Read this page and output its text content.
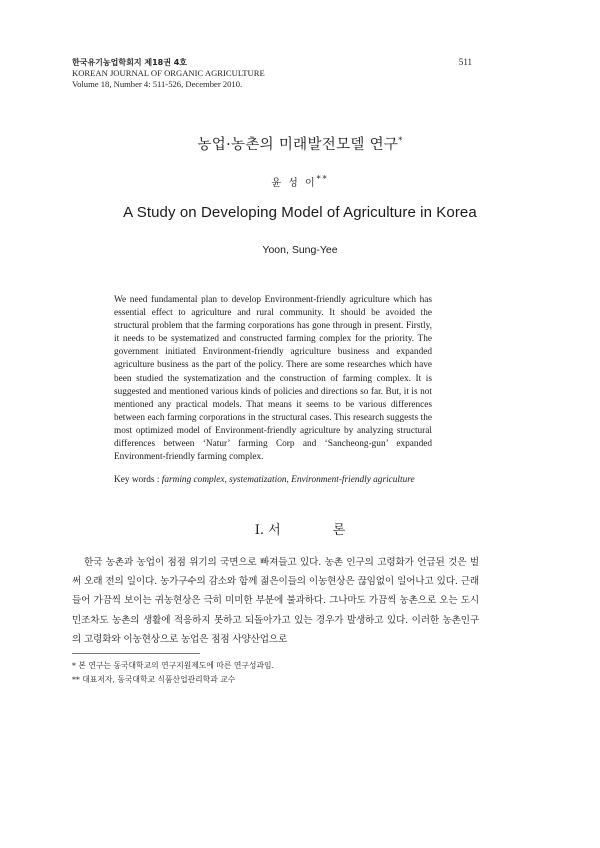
한국유기농업학회지 제18권 4호
KOREAN JOURNAL OF ORGANIC AGRICULTURE
Volume 18, Number 4: 511-526, December 2010.
511
농업·농촌의 미래발전모델 연구*
윤 성 이**
A Study on Developing Model of Agriculture in Korea
Yoon, Sung-Yee
We need fundamental plan to develop Environment-friendly agriculture which has essential effect to agriculture and rural community. It should be avoided the structural problem that the farming corporations has gone through in present. Firstly, it needs to be systematized and constructed farming complex for the priority. The government initiated Environment-friendly agriculture business and expanded agriculture business as the part of the policy. There are some researches which have been studied the systematization and the construction of farming complex. It is suggested and mentioned various kinds of policies and directions so far. But, it is not mentioned any practical models. That means it seems to be various differences between each farming corporations in the structural cases. This research suggests the most optimized model of Environment-friendly agriculture by analyzing structural differences between ‘Natur’ farming Corp and ‘Sancheong-gun’ expanded Environment-friendly farming complex.
Key words : farming complex, systematization, Environment-friendly agriculture
Ⅰ. 서	론

한국 농촌과 농업이 점점 위기의 국면으로 빠져들고 있다. 농촌 인구의 고령화가 언급된 것은 벌써 오래 전의 일이다. 농가구수의 감소와 함께 젊은이들의 이농현상은 끊임없이 일어나고 있다. 근래 들어 가끔씩 보이는 귀농현상은 극히 미미한 부분에 불과하다. 그나마도 가끔씩 농촌으로 오는 도시민조차도 농촌의 생활에 적응하지 못하고 되돌아가고 있는 경우가 발생하고 있다. 이러한 농촌인구의 고령화와 이농현상으로 농업은 점점 사양산업으로

* 본 연구는 동국대학교의 연구지원제도에 따른 연구성과임.
** 대표저자, 동국대학교 식품산업관리학과 교수
